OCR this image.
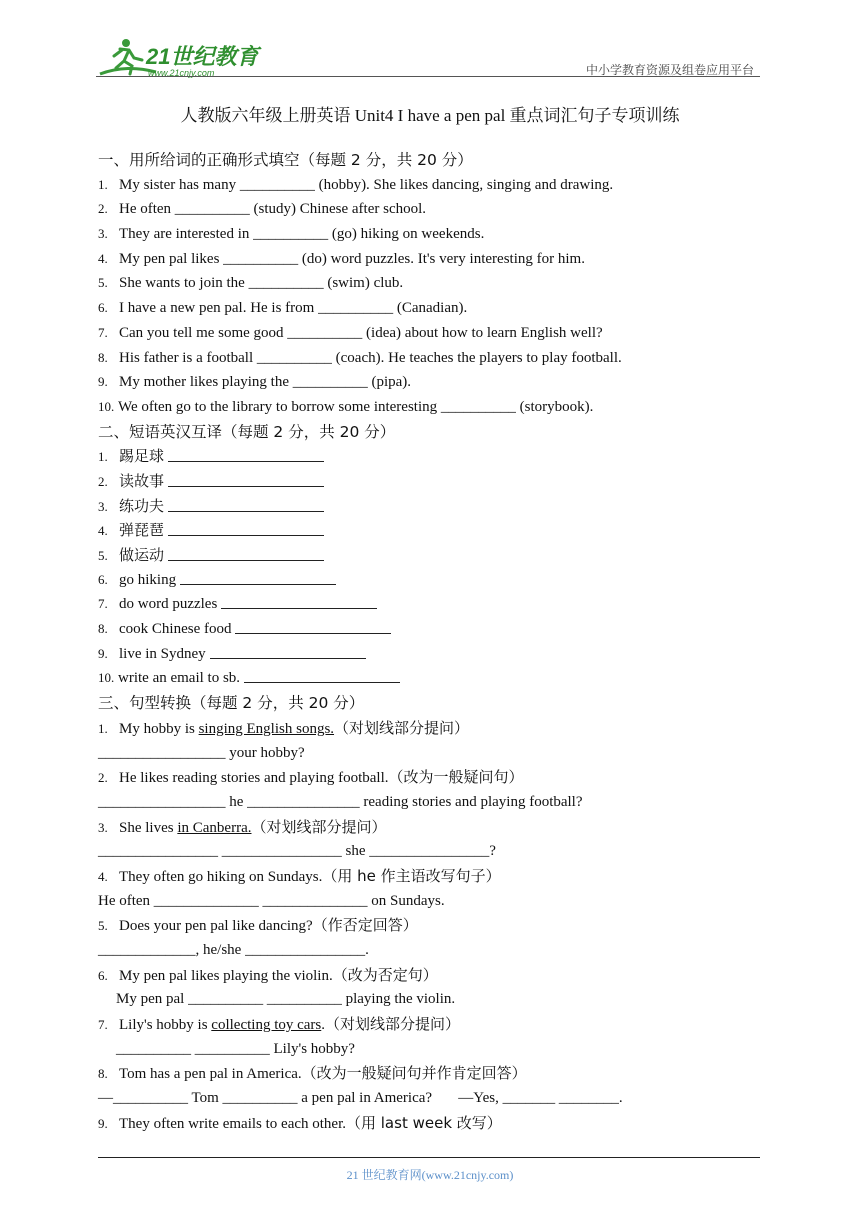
21世纪教育
www.21cnjy.com	中小学教育资源及组卷应用平台
人教版六年级上册英语 Unit4 I have a pen pal 重点词汇句子专项训练
一、用所给词的正确形式填空（每题 2 分，共 20 分）
1. My sister has many __________ (hobby). She likes dancing, singing and drawing.
2. He often __________ (study) Chinese after school.
3. They are interested in __________ (go) hiking on weekends.
4. My pen pal likes __________ (do) word puzzles. It's very interesting for him.
5. She wants to join the __________ (swim) club.
6. I have a new pen pal. He is from __________ (Canadian).
7. Can you tell me some good __________ (idea) about how to learn English well?
8. His father is a football __________ (coach). He teaches the players to play football.
9. My mother likes playing the __________ (pipa).
10. We often go to the library to borrow some interesting __________ (storybook).
二、短语英汉互译（每题 2 分，共 20 分）
1. 踢足球
2. 读故事
3. 练功夫
4. 弹琵琶
5. 做运动
6. go hiking
7. do word puzzles
8. cook Chinese food
9. live in Sydney
10. write an email to sb.
三、句型转换（每题 2 分，共 20 分）
1. My hobby is singing English songs.（对划线部分提问）
_________________ your hobby?
2. He likes reading stories and playing football.（改为一般疑问句）
_________________ he _______________ reading stories and playing football?
3. She lives in Canberra.（对划线部分提问）
________________ ________________ she ________________?
4. They often go hiking on Sundays.（用 he 作主语改写句子）
He often ______________ ______________ on Sundays.
5. Does your pen pal like dancing?（作否定回答）
_____________, he/she ________________.
6. My pen pal likes playing the violin.（改为否定句）
My pen pal __________ __________ playing the violin.
7. Lily's hobby is collecting toy cars.（对划线部分提问）
__________ __________ Lily's hobby?
8. Tom has a pen pal in America.（改为一般疑问句并作肯定回答）
—__________ Tom __________ a pen pal in America?       —Yes, _______ ________.
9. They often write emails to each other.（用 last week 改写）
21 世纪教育网(www.21cnjy.com)
